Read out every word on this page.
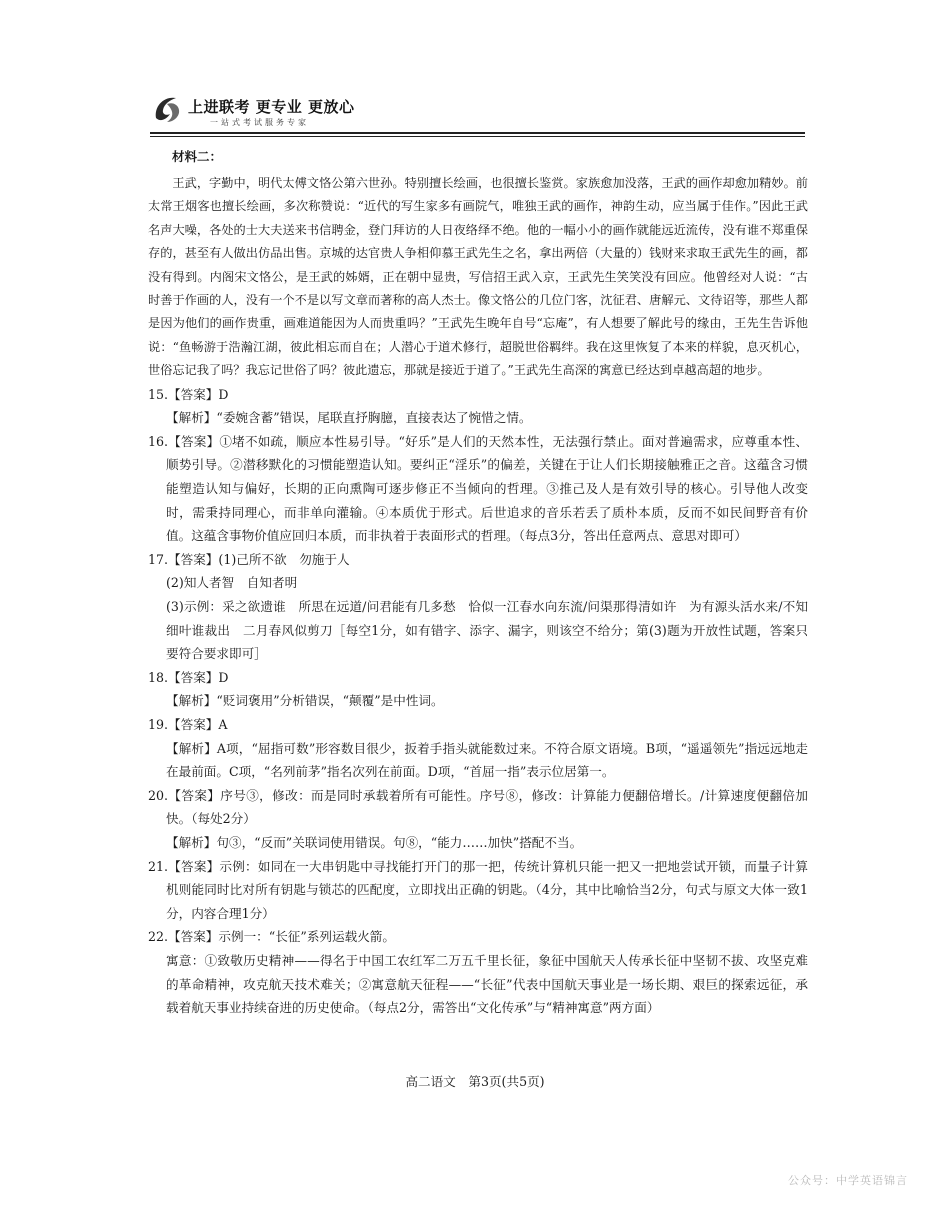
上进联考 更专业 更放心
一站式考试服务专家

材料二：

王武，字勤中，明代太傅文恪公第六世孙。特别擅长绘画，也很擅长鉴赏。家族愈加没落，王武的画作却愈加精妙。前太常王烟客也擅长绘画，多次称赞说：“近代的写生家多有画院气，唯独王武的画作，神韵生动，应当属于佳作。”因此王武名声大噪，各处的士大夫送来书信聘金，登门拜访的人日夜络绎不绝。他的一幅小小的画作就能远近流传，没有谁不郑重保存的，甚至有人做出仿品出售。京城的达官贵人争相仰慕王武先生之名，拿出两倍（大量的）钱财来求取王武先生的画，都没有得到。内阁宋文恪公，是王武的姊婿，正在朝中显贵，写信招王武入京，王武先生笑笑没有回应。他曾经对人说：“古时善于作画的人，没有一个不是以写文章而著称的高人杰士。像文恪公的几位门客，沈征君、唐解元、文待诏等，那些人都是因为他们的画作贵重，画难道能因为人而贵重吗？”王武先生晚年自号“忘庵”，有人想要了解此号的缘由，王先生告诉他说：“鱼畅游于浩瀚江湖，彼此相忘而自在；人潜心于道术修行，超脱世俗羁绊。我在这里恢复了本来的样貌，息灭机心，世俗忘记我了吗？我忘记世俗了吗？彼此遗忘，那就是接近于道了。”王武先生高深的寓意已经达到卓越高超的地步。

15.【答案】D

【解析】“委婉含蓄”错误，尾联直抒胸臆，直接表达了惋惜之情。

16.【答案】①堵不如疏，顺应本性易引导。“好乐”是人们的天然本性，无法强行禁止。面对普遍需求，应尊重本性、顺势引导。②潜移默化的习惯能塑造认知。要纠正“淫乐”的偏差，关键在于让人们长期接触雅正之音。这蕴含习惯能塑造认知与偏好，长期的正向熏陶可逐步修正不当倾向的哲理。③推己及人是有效引导的核心。引导他人改变时，需秉持同理心，而非单向灌输。④本质优于形式。后世追求的音乐若丢了质朴本质，反而不如民间野音有价值。这蕴含事物价值应回归本质，而非执着于表面形式的哲理。（每点3分，答出任意两点、意思对即可）

17.【答案】(1)己所不欲　勿施于人

(2)知人者智　自知者明

(3)示例：采之欲遗谁　所思在远道/问君能有几多愁　恰似一江春水向东流/问渠那得清如许　为有源头活水来/不知细叶谁裁出　二月春风似剪刀［每空1分，如有错字、添字、漏字，则该空不给分；第(3)题为开放性试题，答案只要符合要求即可］

18.【答案】D

【解析】“贬词褒用”分析错误，“颠覆”是中性词。

19.【答案】A

【解析】A项，“屈指可数”形容数目很少，扳着手指头就能数过来。不符合原文语境。B项，“遥遥领先”指远远地走在最前面。C项，“名列前茅”指名次列在前面。D项，“首屈一指”表示位居第一。

20.【答案】序号③，修改：而是同时承载着所有可能性。序号⑧，修改：计算能力便翻倍增长。/计算速度便翻倍加快。（每处2分）

【解析】句③，“反而”关联词使用错误。句⑧，“能力……加快”搭配不当。

21.【答案】示例：如同在一大串钥匙中寻找能打开门的那一把，传统计算机只能一把又一把地尝试开锁，而量子计算机则能同时比对所有钥匙与锁芯的匹配度，立即找出正确的钥匙。（4分，其中比喻恰当2分，句式与原文大体一致1分，内容合理1分）

22.【答案】示例一：“长征”系列运载火箭。

寓意：①致敬历史精神——得名于中国工农红军二万五千里长征，象征中国航天人传承长征中坚韧不拔、攻坚克难的革命精神，攻克航天技术难关；②寓意航天征程——“长征”代表中国航天事业是一场长期、艰巨的探索远征，承载着航天事业持续奋进的历史使命。（每点2分，需答出“文化传承”与“精神寓意”两方面）

高二语文　第3页(共5页)
公众号：中学英语锦言
